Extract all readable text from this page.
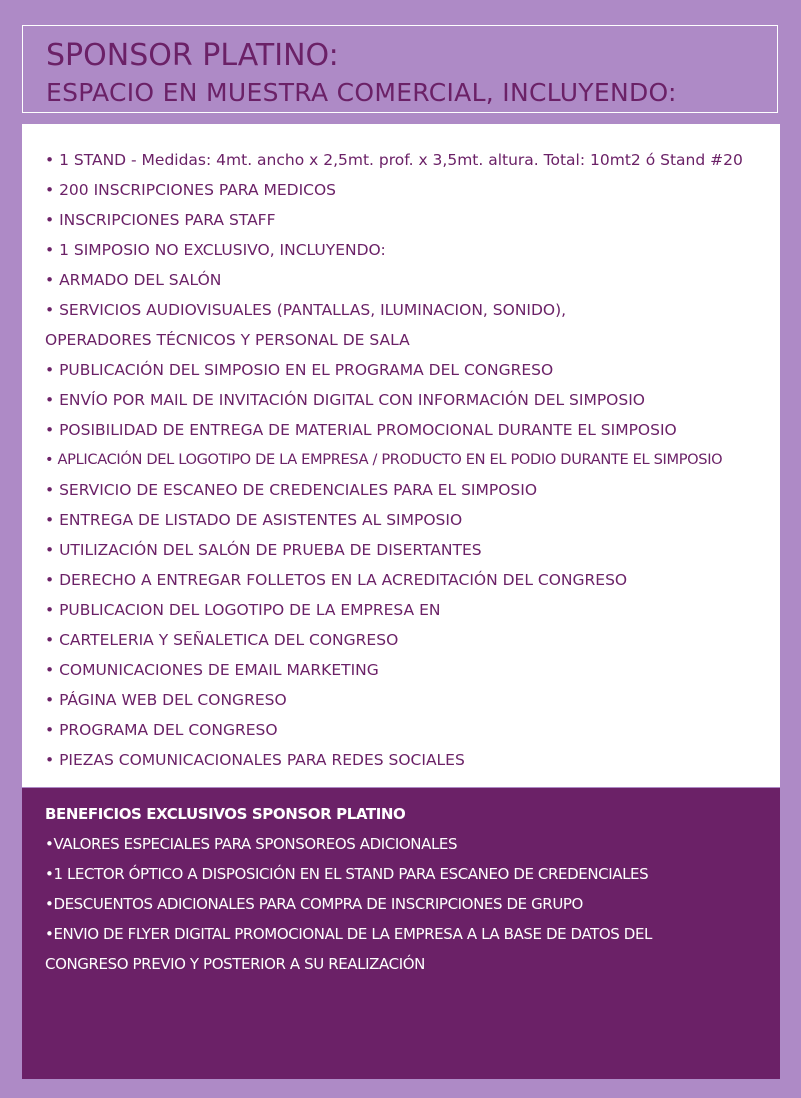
SPONSOR PLATINO:
ESPACIO EN MUESTRA COMERCIAL, INCLUYENDO:
• 1 STAND - Medidas: 4mt. ancho x 2,5mt. prof. x 3,5mt. altura. Total: 10mt2 ó Stand #20
• 200 INSCRIPCIONES PARA MEDICOS
• INSCRIPCIONES PARA STAFF
• 1 SIMPOSIO NO EXCLUSIVO, INCLUYENDO:
• ARMADO DEL SALÓN
• SERVICIOS AUDIOVISUALES (PANTALLAS, ILUMINACION, SONIDO),
OPERADORES TÉCNICOS Y PERSONAL DE SALA
• PUBLICACIÓN DEL SIMPOSIO EN EL PROGRAMA DEL CONGRESO
• ENVÍO POR MAIL DE INVITACIÓN DIGITAL CON INFORMACIÓN DEL SIMPOSIO
• POSIBILIDAD DE ENTREGA DE MATERIAL PROMOCIONAL DURANTE EL SIMPOSIO
• APLICACIÓN DEL LOGOTIPO DE LA EMPRESA / PRODUCTO EN EL PODIO DURANTE EL SIMPOSIO
• SERVICIO DE ESCANEO DE CREDENCIALES PARA EL SIMPOSIO
• ENTREGA DE LISTADO DE ASISTENTES AL SIMPOSIO
• UTILIZACIÓN DEL SALÓN DE PRUEBA DE DISERTANTES
• DERECHO A ENTREGAR FOLLETOS EN LA ACREDITACIÓN DEL CONGRESO
• PUBLICACION DEL LOGOTIPO DE LA EMPRESA EN
• CARTELERIA Y SEÑALETICA DEL CONGRESO
• COMUNICACIONES DE EMAIL MARKETING
• PÁGINA WEB DEL CONGRESO
• PROGRAMA DEL CONGRESO
• PIEZAS COMUNICACIONALES PARA REDES SOCIALES
BENEFICIOS EXCLUSIVOS SPONSOR PLATINO
•VALORES ESPECIALES PARA SPONSOREOS ADICIONALES
•1 LECTOR ÓPTICO A DISPOSICIÓN EN EL STAND PARA ESCANEO DE CREDENCIALES
•DESCUENTOS ADICIONALES PARA COMPRA DE INSCRIPCIONES DE GRUPO
•ENVIO DE FLYER DIGITAL PROMOCIONAL DE LA EMPRESA A LA BASE DE DATOS DEL
CONGRESO PREVIO Y POSTERIOR A SU REALIZACIÓN
